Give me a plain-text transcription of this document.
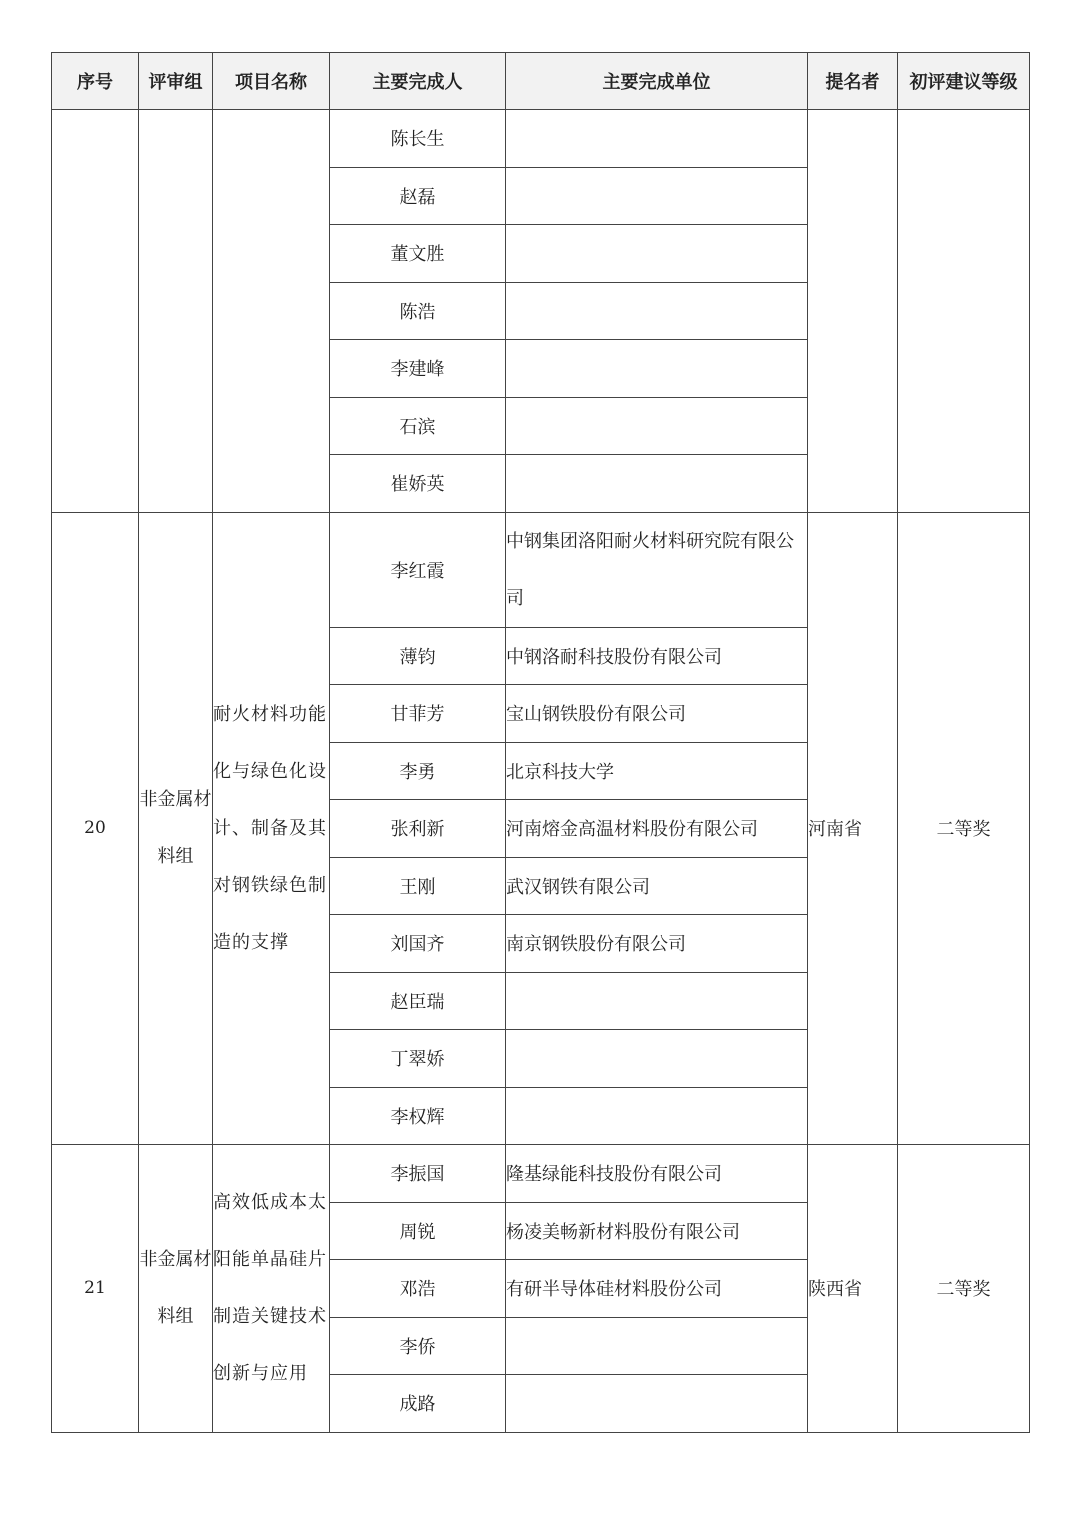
序号	评审组	项目名称	主要完成人	主要完成单位	提名者	初评建议等级
			陈长生			
			赵磊			
			董文胜			
			陈浩			
			李建峰			
			石滨			
			崔娇英			
20	非金属材料组	耐火材料功能化与绿色化设计、制备及其对钢铁绿色制造的支撑	李红霞	中钢集团洛阳耐火材料研究院有限公司	河南省	二等奖
			薄钧	中钢洛耐科技股份有限公司		
			甘菲芳	宝山钢铁股份有限公司		
			李勇	北京科技大学		
			张利新	河南熔金高温材料股份有限公司		
			王刚	武汉钢铁有限公司		
			刘国齐	南京钢铁股份有限公司		
			赵臣瑞			
			丁翠娇			
			李权辉			
21	非金属材料组	高效低成本太阳能单晶硅片制造关键技术创新与应用	李振国	隆基绿能科技股份有限公司	陕西省	二等奖
			周锐	杨凌美畅新材料股份有限公司		
			邓浩	有研半导体硅材料股份公司		
			李侨			
			成路			
